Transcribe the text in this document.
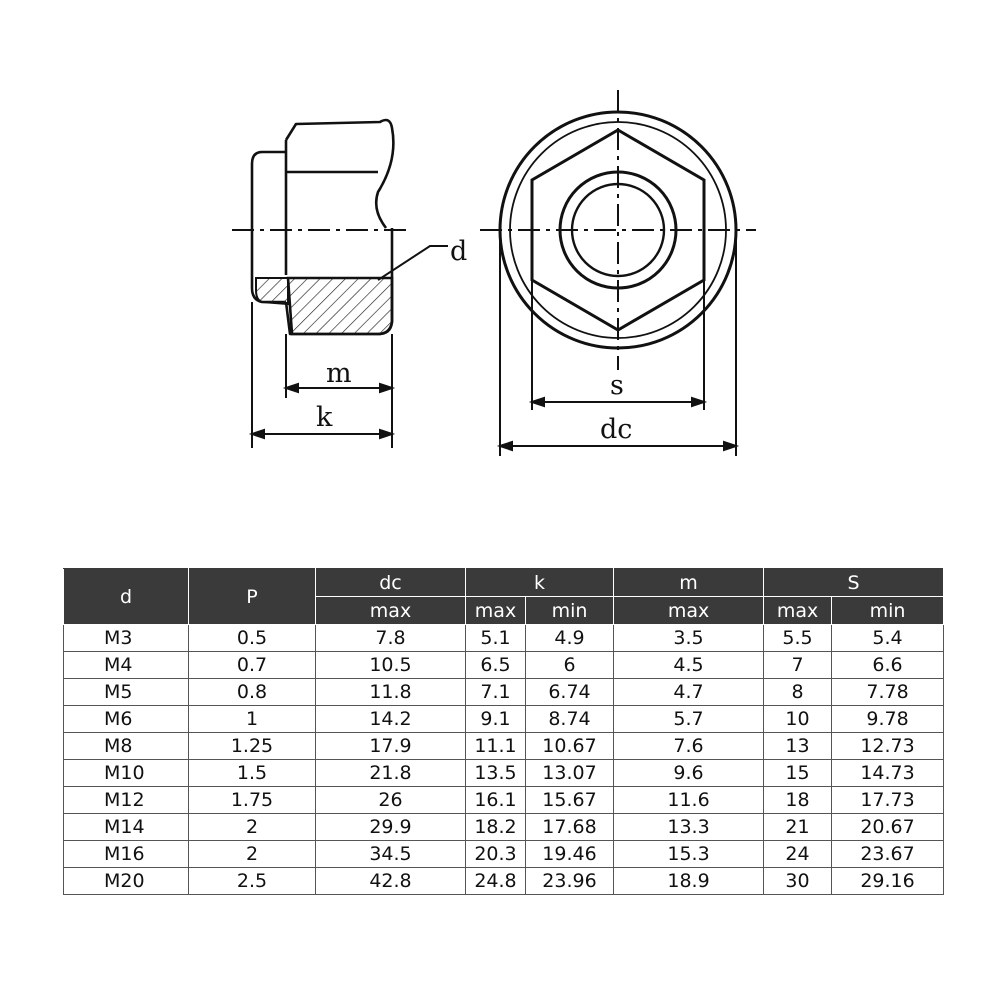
d
m
k
s
dc
d	P	dc	k		m	S	
		max	max	min	max	max	min
M3	0.5	7.8	5.1	4.9	3.5	5.5	5.4
M4	0.7	10.5	6.5	6	4.5	7	6.6
M5	0.8	11.8	7.1	6.74	4.7	8	7.78
M6	1	14.2	9.1	8.74	5.7	10	9.78
M8	1.25	17.9	11.1	10.67	7.6	13	12.73
M10	1.5	21.8	13.5	13.07	9.6	15	14.73
M12	1.75	26	16.1	15.67	11.6	18	17.73
M14	2	29.9	18.2	17.68	13.3	21	20.67
M16	2	34.5	20.3	19.46	15.3	24	23.67
M20	2.5	42.8	24.8	23.96	18.9	30	29.16
